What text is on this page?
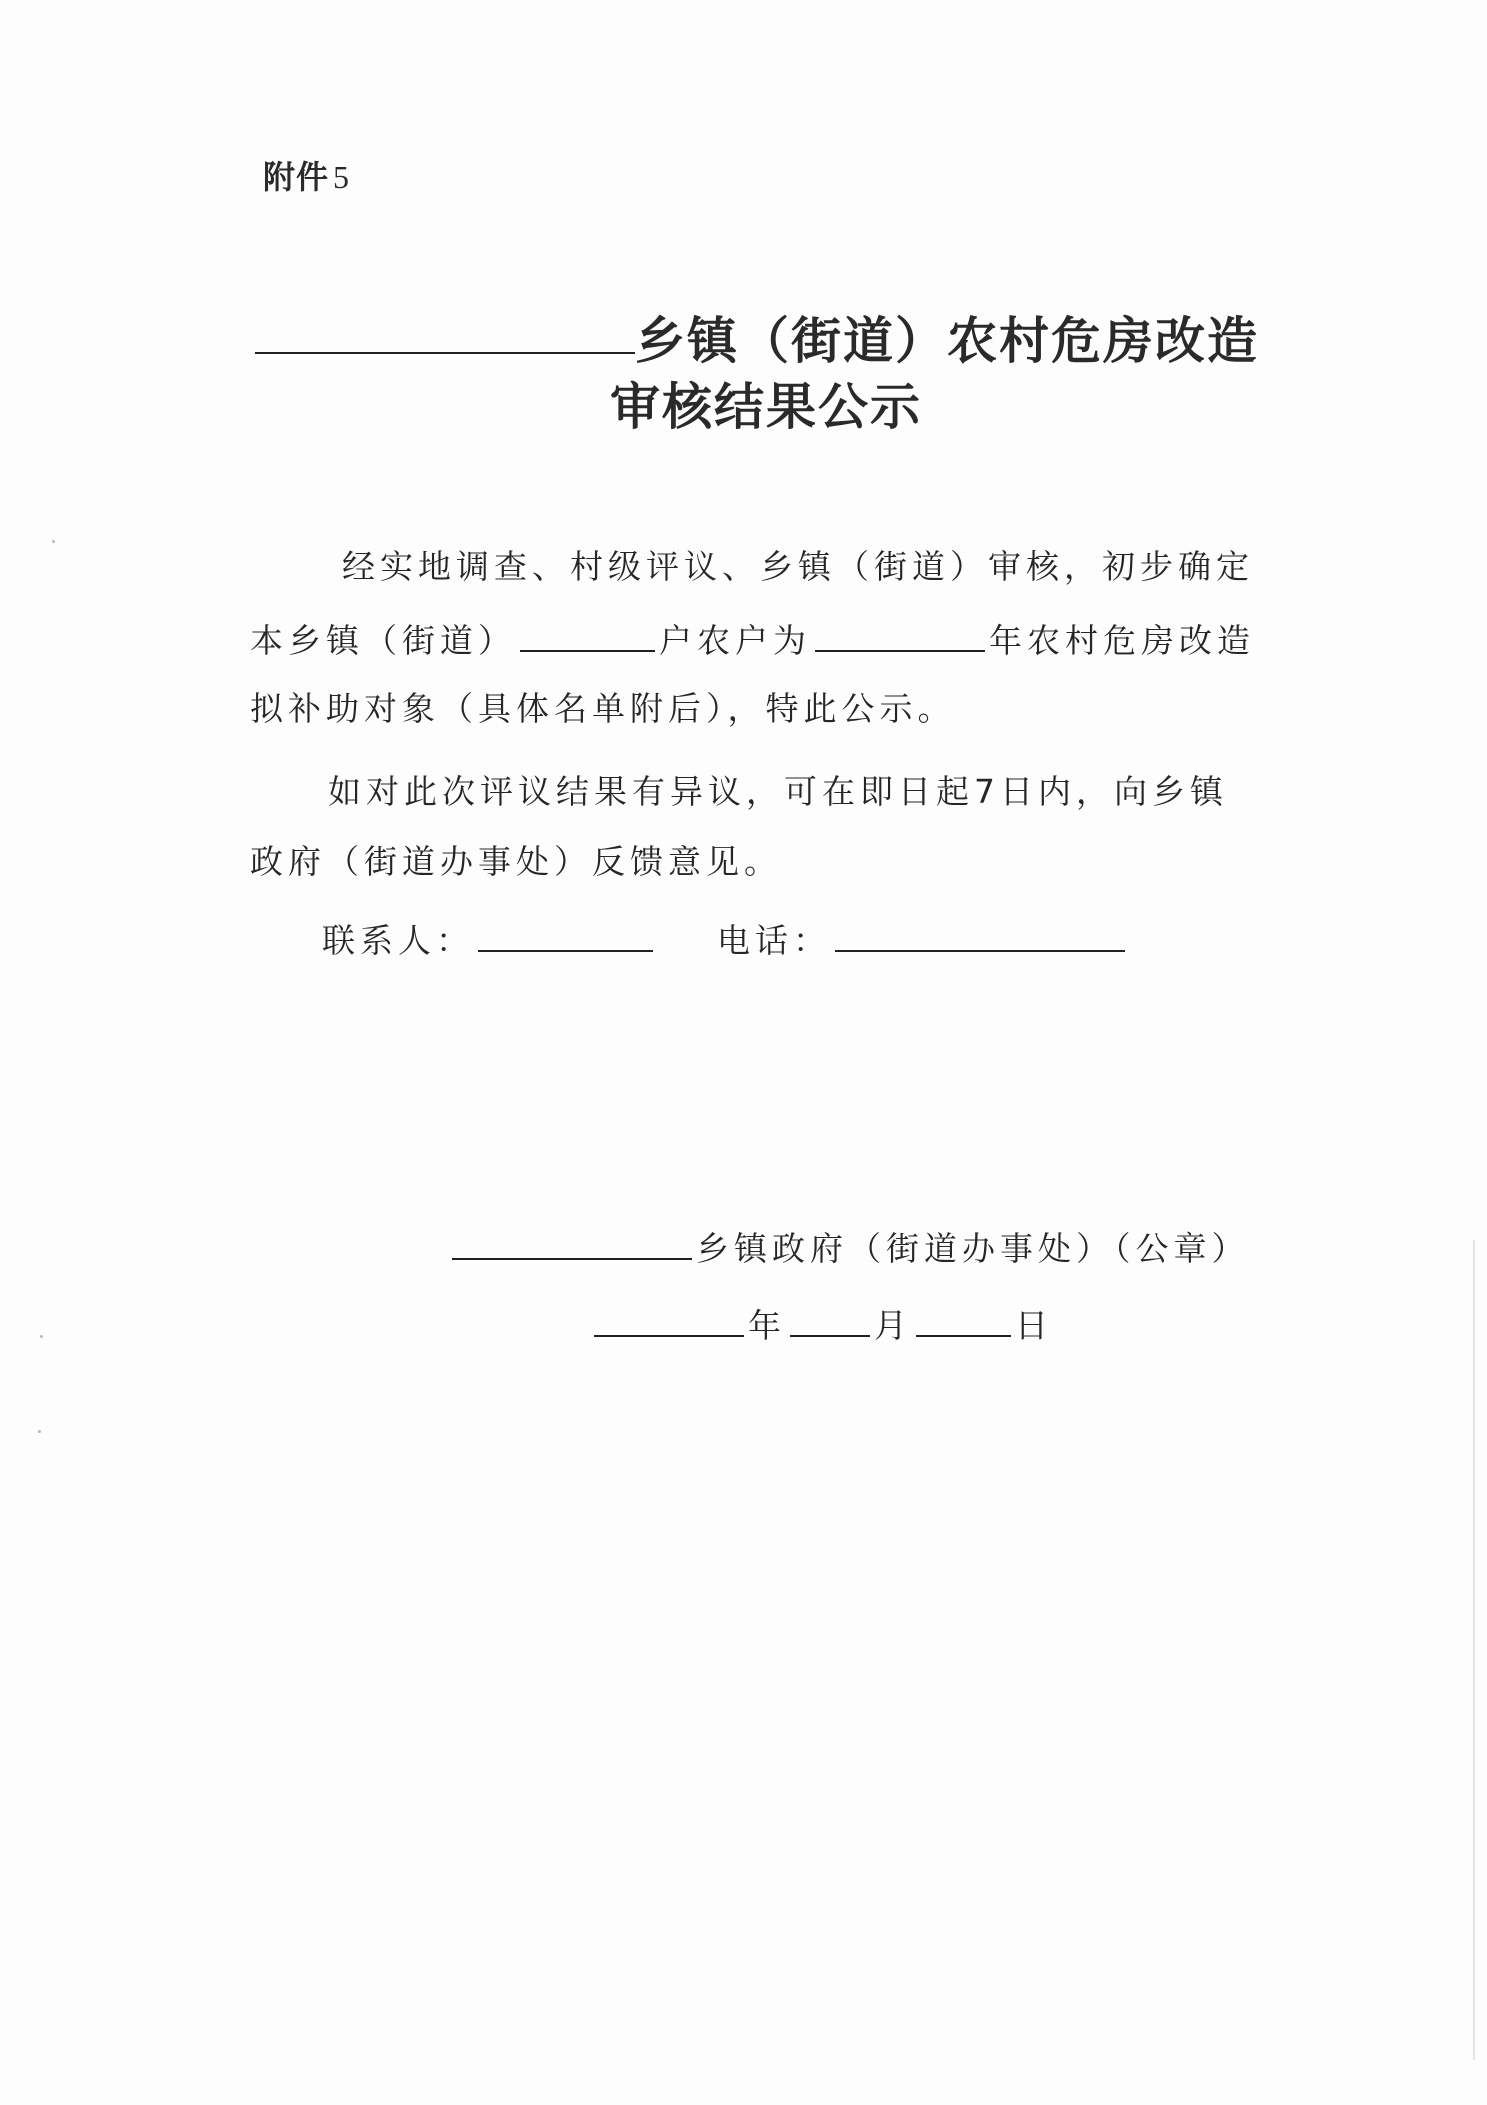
附件 5
乡镇（街道）农村危房改造
审核结果公示
经实地调查、村级评议、乡镇（街道）审核，初步确定
本乡镇（街道）	户农户为	年农村危房改造
拟补助对象（具体名单附后），特此公示。
如对此次评议结果有异议，可在即日起7日内，向乡镇
政府（街道办事处）反馈意见。
联系人：	电话：
乡镇政府（街道办事处）（公章）
年	月	日
